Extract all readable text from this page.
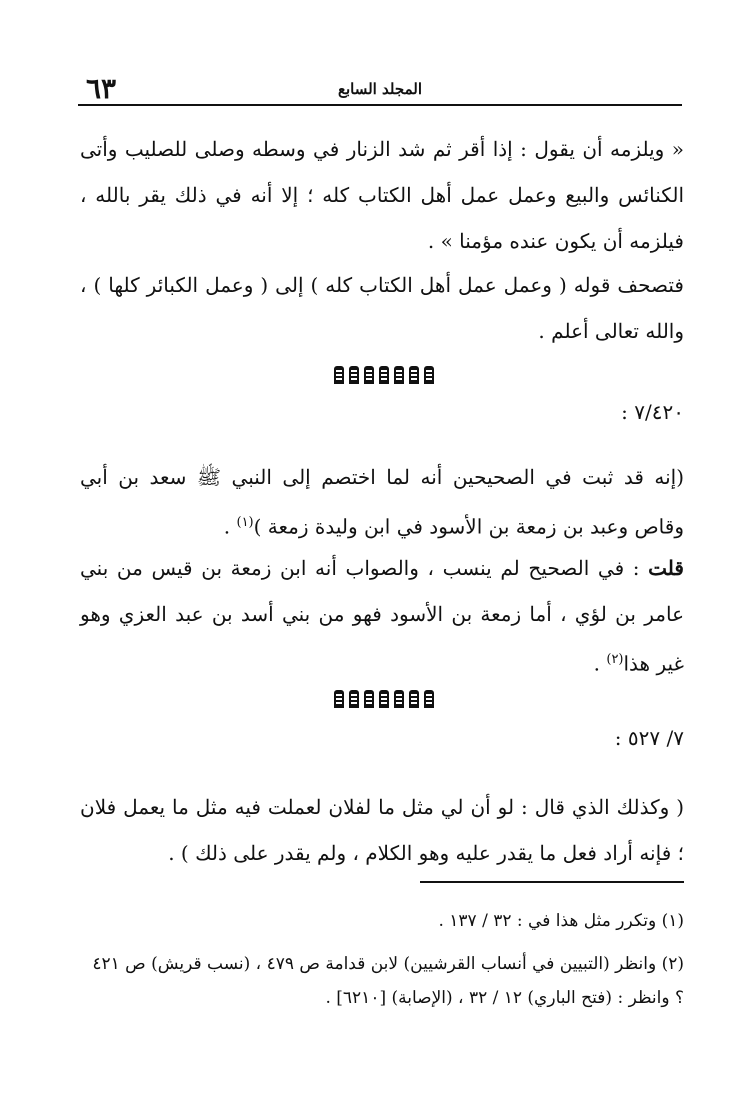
٦٣	المجلد السابع
« ويلزمه أن يقول : إذا أقر ثم شد الزنار في وسطه وصلى للصليب وأتى الكنائس والبيع وعمل عمل أهل الكتاب كله ؛ إلا أنه في ذلك يقر بالله ، فيلزمه أن يكون عنده مؤمنا » .
فتصحف قوله ( وعمل عمل أهل الكتاب كله ) إلى ( وعمل الكبائر كلها ) ، والله تعالى أعلم .
٧/٤٢٠ :
(إنه قد ثبت في الصحيحين أنه لما اختصم إلى النبي ﷺ سعد بن أبي وقاص وعبد بن زمعة بن الأسود في ابن وليدة زمعة )$^{(١)}$ .
قلت : في الصحيح لم ينسب ، والصواب أنه ابن زمعة بن قيس من بني عامر بن لؤي ، أما زمعة بن الأسود فهو من بني أسد بن عبد العزي وهو غير هذا$^{(٢)}$ .
٧/ ٥٢٧ :
( وكذلك الذي قال : لو أن لي مثل ما لفلان لعملت فيه مثل ما يعمل فلان ؛ فإنه أراد فعل ما يقدر عليه وهو الكلام ، ولم يقدر على ذلك ) .
(١) وتكرر مثل هذا في : ٣٢ / ١٣٧ .
(٢) وانظر (التبيين في أنساب القرشيين) لابن قدامة ص ٤٧٩ ، (نسب قريش) ص ٤٢١ ؟ وانظر : (فتح الباري) ١٢ / ٣٢ ، (الإصابة) [٦٢١٠] .
